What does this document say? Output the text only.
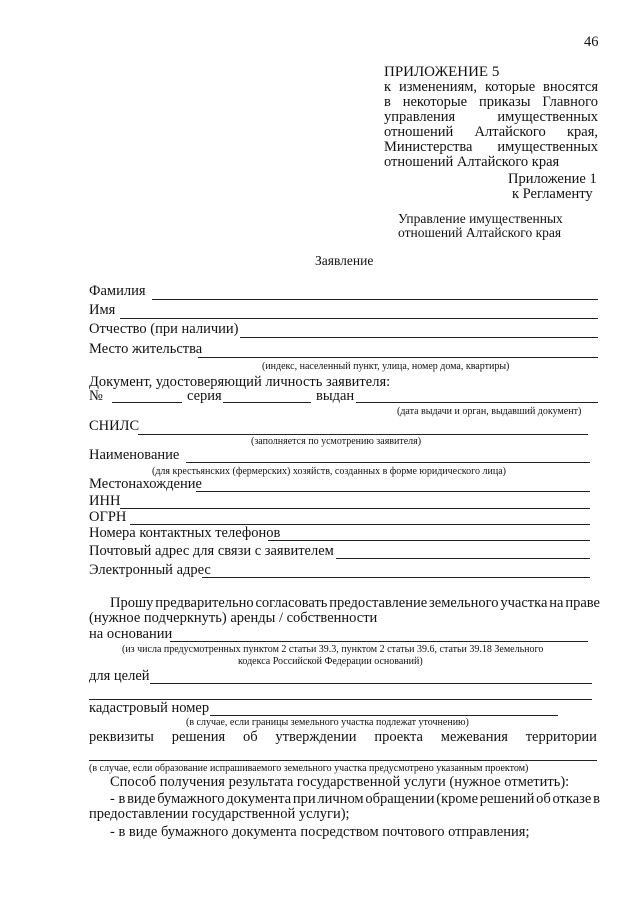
46
ПРИЛОЖЕНИЕ 5
к изменениям, которые вносятся
в некоторые приказы Главного
управления имущественных
отношений Алтайского края,
Министерства имущественных
отношений Алтайского края
Приложение 1
к Регламенту
Управление имущественных
отношений Алтайского края
Заявление
Фамилия
Имя
Отчество (при наличии)
Место жительства
(индекс, населенный пункт, улица, номер дома, квартиры)
Документ, удостоверяющий личность заявителя:
№	серия	выдан
(дата выдачи и орган, выдавший документ)
СНИЛС
(заполняется по усмотрению заявителя)
Наименование
(для крестьянских (фермерских) хозяйств, созданных в форме юридического лица)
Местонахождение
ИНН
ОГРН
Номера контактных телефонов
Почтовый адрес для связи с заявителем
Электронный адрес
Прошу предварительно согласовать предоставление земельного участка на праве
(нужное подчеркнуть) аренды / собственности
на основании
(из числа предусмотренных пунктом 2 статьи 39.3, пунктом 2 статьи 39.6, статьи 39.18 Земельного
кодекса Российской Федерации оснований)
для целей
кадастровый номер
(в случае, если границы земельного участка подлежат уточнению)
реквизиты решения об утверждении проекта межевания территории
(в случае, если образование испрашиваемого земельного участка предусмотрено указанным проектом)
Способ получения результата государственной услуги (нужное отметить):
- в виде бумажного документа при личном обращении (кроме решений об отказе в
предоставлении государственной услуги);
- в виде бумажного документа посредством почтового отправления;
